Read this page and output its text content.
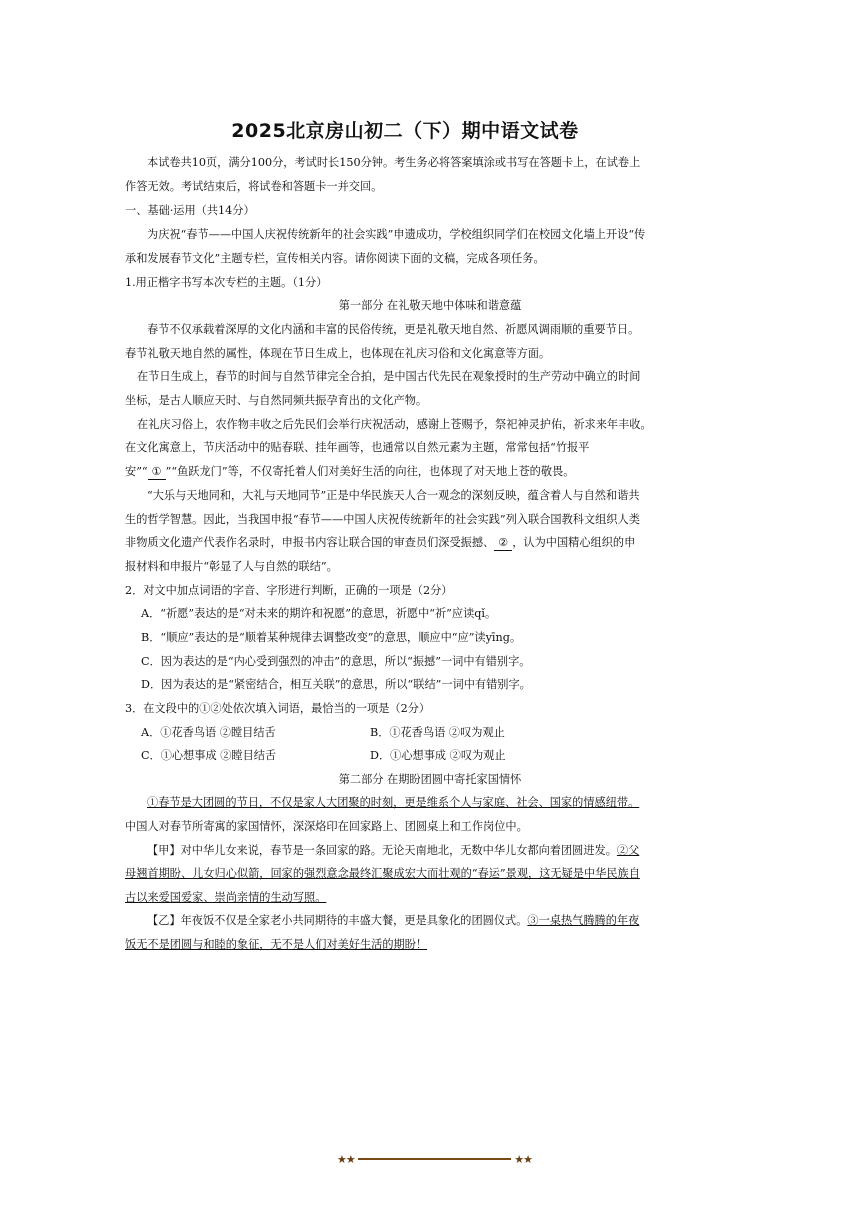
2025北京房山初二（下）期中语文试卷
本试卷共10页，满分100分，考试时长150分钟。考生务必将答案填涂或书写在答题卡上，在试卷上
作答无效。考试结束后，将试卷和答题卡一并交回。
一、基础·运用（共14分）
为庆祝“春节——中国人庆祝传统新年的社会实践”申遗成功，学校组织同学们在校园文化墙上开设“传
承和发展春节文化”主题专栏，宣传相关内容。请你阅读下面的文稿，完成各项任务。
1.用正楷字书写本次专栏的主题。（1分）
第一部分 在礼敬天地中体味和谐意蕴
春节不仅承载着深厚的文化内涵和丰富的民俗传统，更是礼敬天地自然、祈愿风调雨顺的重要节日。
春节礼敬天地自然的属性，体现在节日生成上，也体现在礼庆习俗和文化寓意等方面。
在节日生成上，春节的时间与自然节律完全合拍，是中国古代先民在观象授时的生产劳动中确立的时间
坐标，是古人顺应天时、与自然同频共振孕育出的文化产物。
在礼庆习俗上，农作物丰收之后先民们会举行庆祝活动，感谢上苍赐予，祭祀神灵护佑，祈求来年丰收。
在文化寓意上，节庆活动中的贴春联、挂年画等，也通常以自然元素为主题，常常包括“竹报平
安”“ ① ”“鱼跃龙门”等，不仅寄托着人们对美好生活的向往，也体现了对天地上苍的敬畏。
“大乐与天地同和，大礼与天地同节”正是中华民族天人合一观念的深刻反映，蕴含着人与自然和谐共
生的哲学智慧。因此，当我国申报“春节——中国人庆祝传统新年的社会实践”列入联合国教科文组织人类
非物质文化遗产代表作名录时，申报书内容让联合国的审查员们深受振撼、 ② ，认为中国精心组织的申
报材料和申报片“彰显了人与自然的联结”。
2．对文中加点词语的字音、字形进行判断，正确的一项是（2分）
A．“祈愿”表达的是“对未来的期许和祝愿”的意思，祈愿中“祈”应读qǐ。
B．“顺应”表达的是“顺着某种规律去调整改变”的意思，顺应中“应”读yīng。
C．因为表达的是“内心受到强烈的冲击”的意思，所以“振撼”一词中有错别字。
D．因为表达的是“紧密结合，相互关联”的意思，所以“联结”一词中有错别字。
3．在文段中的①②处依次填入词语，最恰当的一项是（2分）
A．①花香鸟语 ②瞠目结舌	B．①花香鸟语 ②叹为观止
C．①心想事成 ②瞠目结舌	D．①心想事成 ②叹为观止
第二部分 在期盼团圆中寄托家国情怀
①春节是大团圆的节日，不仅是家人大团聚的时刻，更是维系个人与家庭、社会、国家的情感纽带。
中国人对春节所寄寓的家国情怀，深深烙印在回家路上、团圆桌上和工作岗位中。
【甲】对中华儿女来说，春节是一条回家的路。无论天南地北，无数中华儿女都向着团圆进发。②父
母翘首期盼、儿女归心似箭，回家的强烈意念最终汇聚成宏大而壮观的“春运”景观，这无疑是中华民族自
古以来爱国爱家、崇尚亲情的生动写照。
【乙】年夜饭不仅是全家老小共同期待的丰盛大餐，更是具象化的团圆仪式。③一桌热气腾腾的年夜
饭无不是团圆与和睦的象征，无不是人们对美好生活的期盼！
★★	★★
